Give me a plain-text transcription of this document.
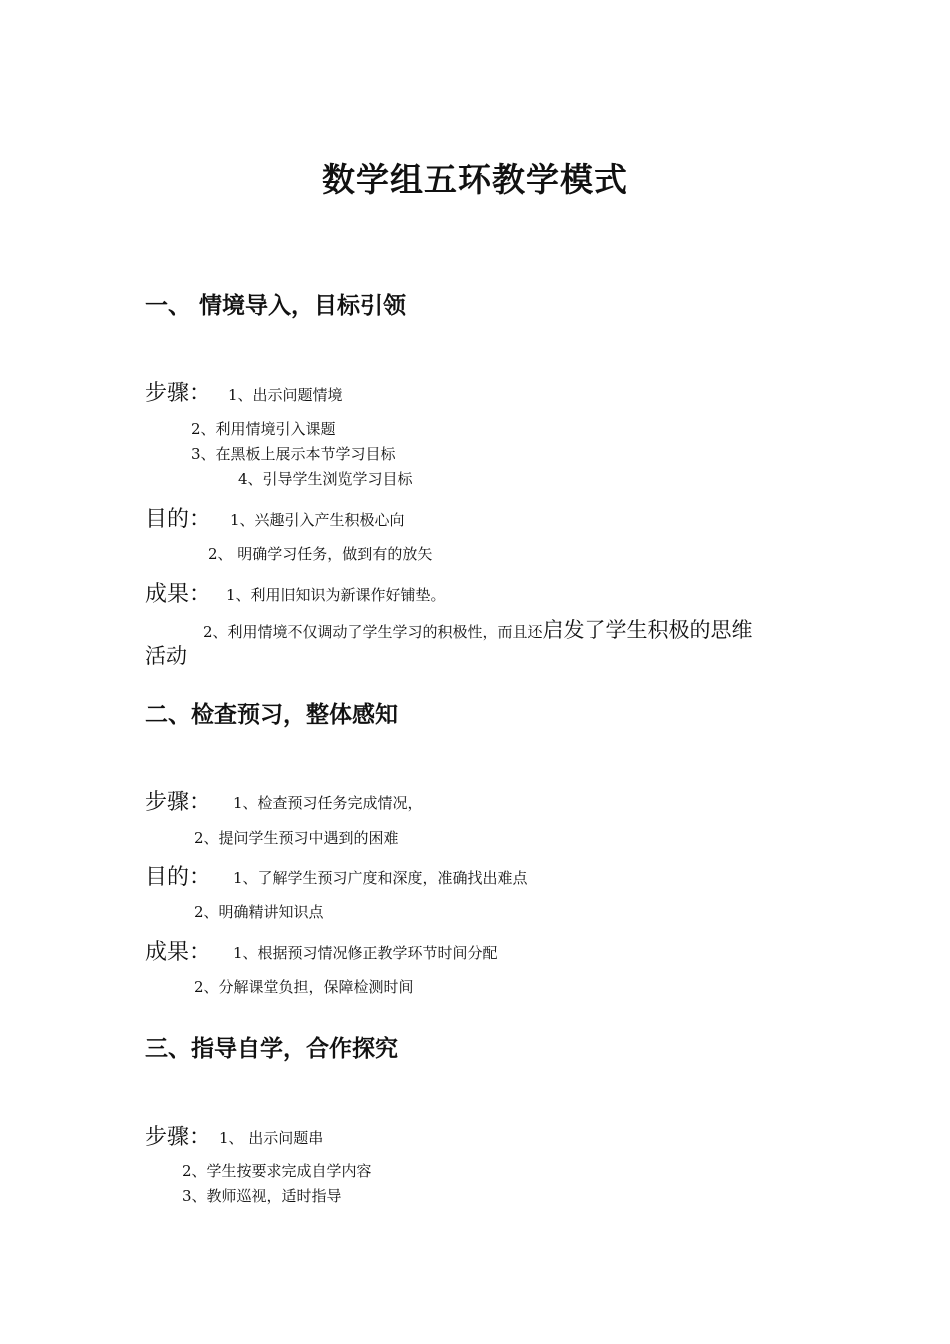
数学组五环教学模式
一、 情境导入，目标引领
步骤： 1、出示问题情境
2、利用情境引入课题
3、在黑板上展示本节学习目标
4、引导学生浏览学习目标
目的： 1、兴趣引入产生积极心向
2、 明确学习任务，做到有的放矢
成果： 1、利用旧知识为新课作好铺垫。
2、利用情境不仅调动了学生学习的积极性，而且还启发了学生积极的思维
活动
二、检查预习，整体感知
步骤： 1、检查预习任务完成情况，
2、提问学生预习中遇到的困难
目的： 1、了解学生预习广度和深度，准确找出难点
2、明确精讲知识点
成果： 1、根据预习情况修正教学环节时间分配
2、分解课堂负担，保障检测时间
三、指导自学，合作探究
步骤： 1、 出示问题串
2、学生按要求完成自学内容
3、教师巡视，适时指导
